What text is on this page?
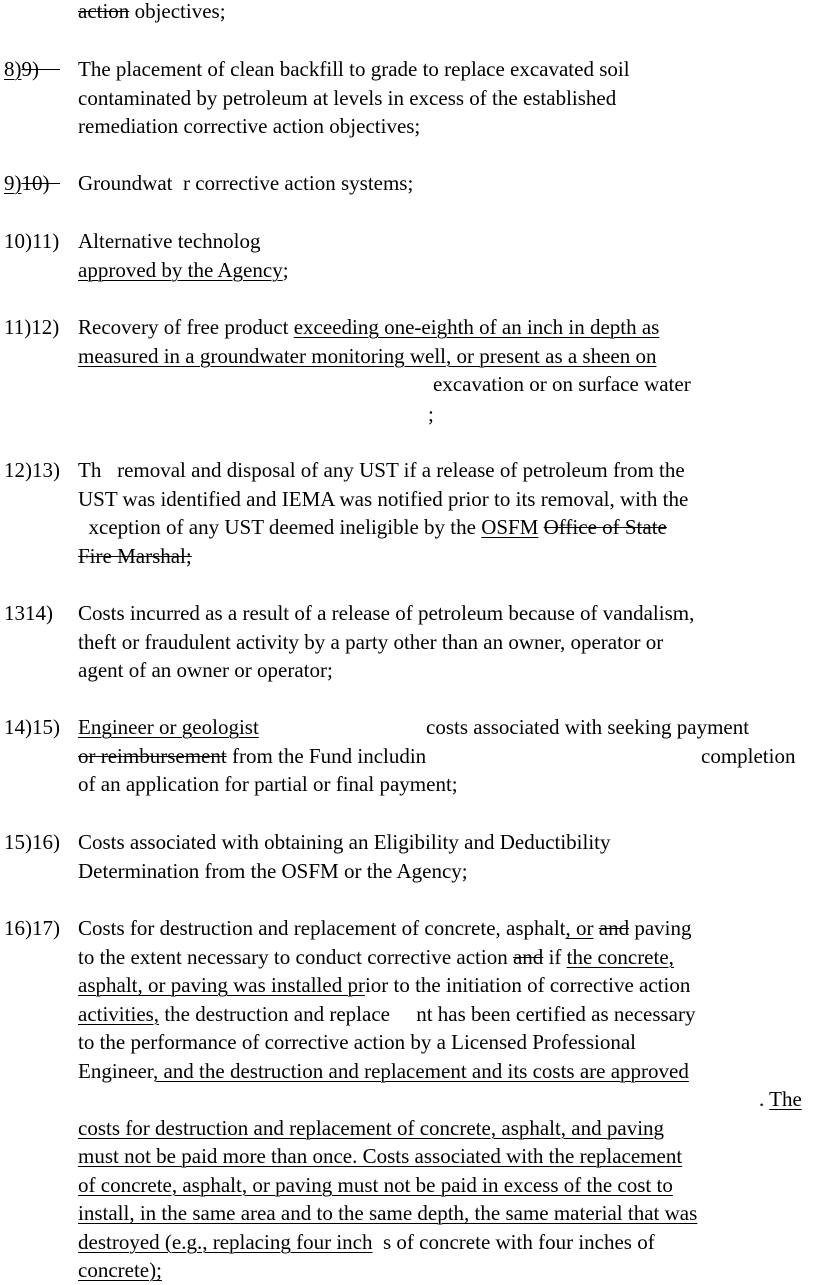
action objectives;
8)9)	The placement of clean backfill to grade to replace excavated soil
contaminated by petroleum at levels in excess of the established
remediation corrective action objectives;
9)10)	Groundwat  r corrective action systems;
10)11) Alternative technolog
approved by the Agency;
11)12) Recovery of free product exceeding one-eighth of an inch in depth as
measured in a groundwater monitoring well, or present as a sheen on
excavation or on surface water
;
12)13) Th   removal and disposal of any UST if a release of petroleum from the
UST was identified and IEMA was notified prior to its removal, with the
xception of any UST deemed ineligible by the OSFM Office of State
Fire Marshal;
1314) Costs incurred as a result of a release of petroleum because of vandalism,
theft or fraudulent activity by a party other than an owner, operator or
agent of an owner or operator;
14)15) Engineer or geologist	costs associated with seeking payment
or reimbursement from the Fund includin	completion
of an application for partial or final payment;
15)16) Costs associated with obtaining an Eligibility and Deductibility
Determination from the OSFM or the Agency;
16)17) Costs for destruction and replacement of concrete, asphalt, or and paving
to the extent necessary to conduct corrective action and if the concrete,
asphalt, or paving was installed prior to the initiation of corrective action
activities, the destruction and replace     nt has been certified as necessary
to the performance of corrective action by a Licensed Professional
Engineer, and the destruction and replacement and its costs are approved
. The
costs for destruction and replacement of concrete, asphalt, and paving
must not be paid more than once. Costs associated with the replacement
of concrete, asphalt, or paving must not be paid in excess of the cost to
install, in the same area and to the same depth, the same material that was
destroyed (e.g., replacing four inch  s of concrete with four inches of
concrete);
